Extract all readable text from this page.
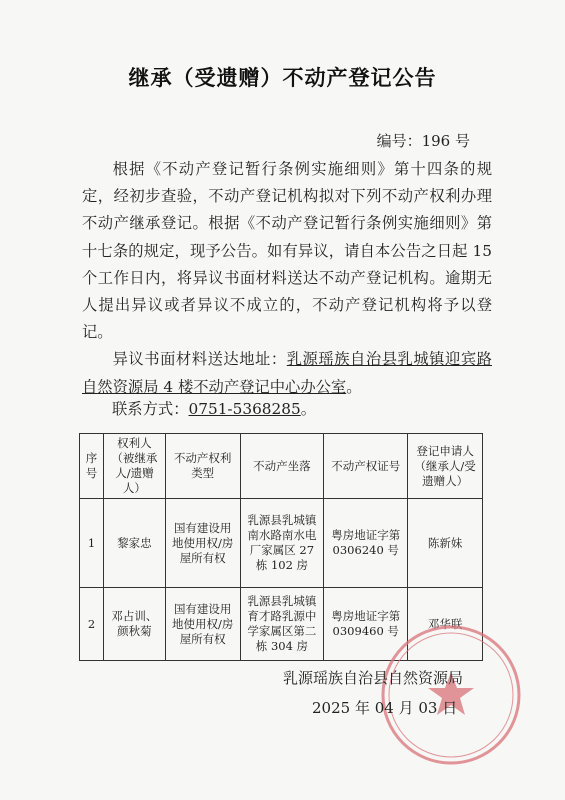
继承（受遗赠）不动产登记公告
编号：196 号

根据《不动产登记暂行条例实施细则》第十四条的规定，经初步查验，不动产登记机构拟对下列不动产权利办理不动产继承登记。根据《不动产登记暂行条例实施细则》第十七条的规定，现予公告。如有异议，请自本公告之日起 15 个工作日内，将异议书面材料送达不动产登记机构。逾期无人提出异议或者异议不成立的，不动产登记机构将予以登记。

异议书面材料送达地址：乳源瑶族自治县乳城镇迎宾路自然资源局 4 楼不动产登记中心办公室。

联系方式：0751-5368285。
序号	权利人（被继承人/遗赠人）	不动产权利类型	不动产坐落	不动产权证号	登记申请人（继承人/受遗赠人）
1	黎家忠	国有建设用地使用权/房屋所有权	乳源县乳城镇南水路南水电厂家属区 27 栋 102 房	粤房地证字第 0306240 号	陈新妹
2	邓占训、颜秋菊	国有建设用地使用权/房屋所有权	乳源县乳城镇育才路乳源中学家属区第二栋 304 房	粤房地证字第 0309460 号	邓华联
乳源瑶族自治县自然资源局
2025 年 04 月 03 日
